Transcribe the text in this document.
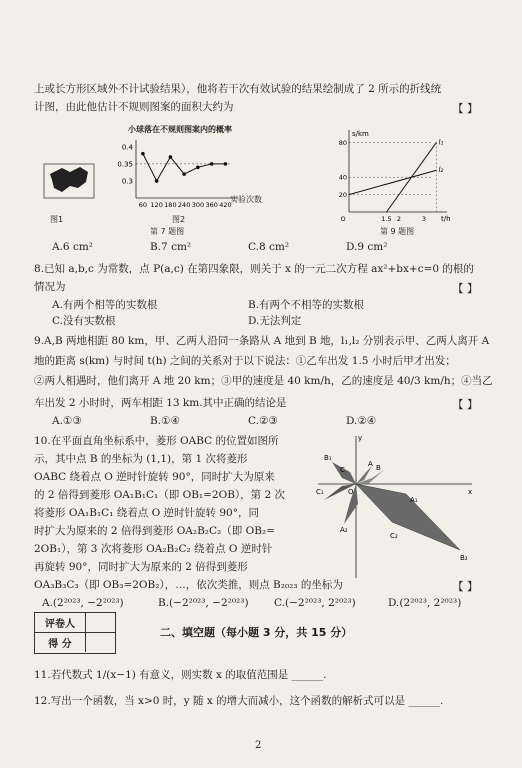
上或长方形区域外不计试验结果），他将若干次有效试验的结果绘制成了 2 所示的折线统
计图，由此他估计不规则图案的面积大约为	【 】
图1
小球落在不规则图案内的概率
0.4
0.35
0.3
60 120 180 240 300 360 420
实验次数
图2
第 7 题图
s/km
t/h
80
40
20
O	1.5 2	3
l₁
l₂
第 9 题图
A.6 cm²	B.7 cm²	C.8 cm²	D.9 cm²
8.已知 a,b,c 为常数，点 P(a,c) 在第四象限，则关于 x 的一元二次方程 ax²+bx+c=0 的根的
情况为	【 】
A.有两个相等的实数根	B.有两个不相等的实数根
C.没有实数根	D.无法判定
9.A,B 两地相距 80 km，甲、乙两人沿同一条路从 A 地到 B 地，l₁,l₂ 分别表示甲、乙两人离开 A
地的距离 s(km) 与时间 t(h) 之间的关系对于以下说法：①乙车出发 1.5 小时后甲才出发；
②两人相遇时，他们离开 A 地 20 km；③甲的速度是 40 km/h，乙的速度是 40/3 km/h；④当乙
车出发 2 小时时，两车相距 13 km.其中正确的结论是	【 】
A.①③	B.①④	C.②③	D.②④
10.在平面直角坐标系中，菱形 OABC 的位置如图所
示，其中点 B 的坐标为 (1,1)，第 1 次将菱形
OABC 绕着点 O 逆时针旋转 90°，同时扩大为原来
的 2 倍得到菱形 OA₁B₁C₁（即 OB₁=2OB），第 2 次
将菱形 OA₁B₁C₁ 绕着点 O 逆时针旋转 90°，同
时扩大为原来的 2 倍得到菱形 OA₂B₂C₂（即 OB₂=
2OB₁），第 3 次将菱形 OA₂B₂C₂ 绕着点 O 逆时针
再旋转 90°，同时扩大为原来的 2 倍得到菱形
OA₃B₃C₃（即 OB₃=2OB₂），…，依次类推，则点 B₂₀₂₃ 的坐标为	【 】
y
x
B₁
A B
C
O
C₁
A₁
A₂
C₂
B₂
A.(2²⁰²³, −2²⁰²³)	B.(−2²⁰²³, −2²⁰²³) C.(−2²⁰²³, 2²⁰²³)	D.(2²⁰²³, 2²⁰²³)
评卷人
得 分
二、填空题（每小题 3 分，共 15 分）
11.若代数式 1/(x−1) 有意义，则实数 x 的取值范围是 ______.
12.写出一个函数，当 x>0 时，y 随 x 的增大而减小，这个函数的解析式可以是 ______.
2
